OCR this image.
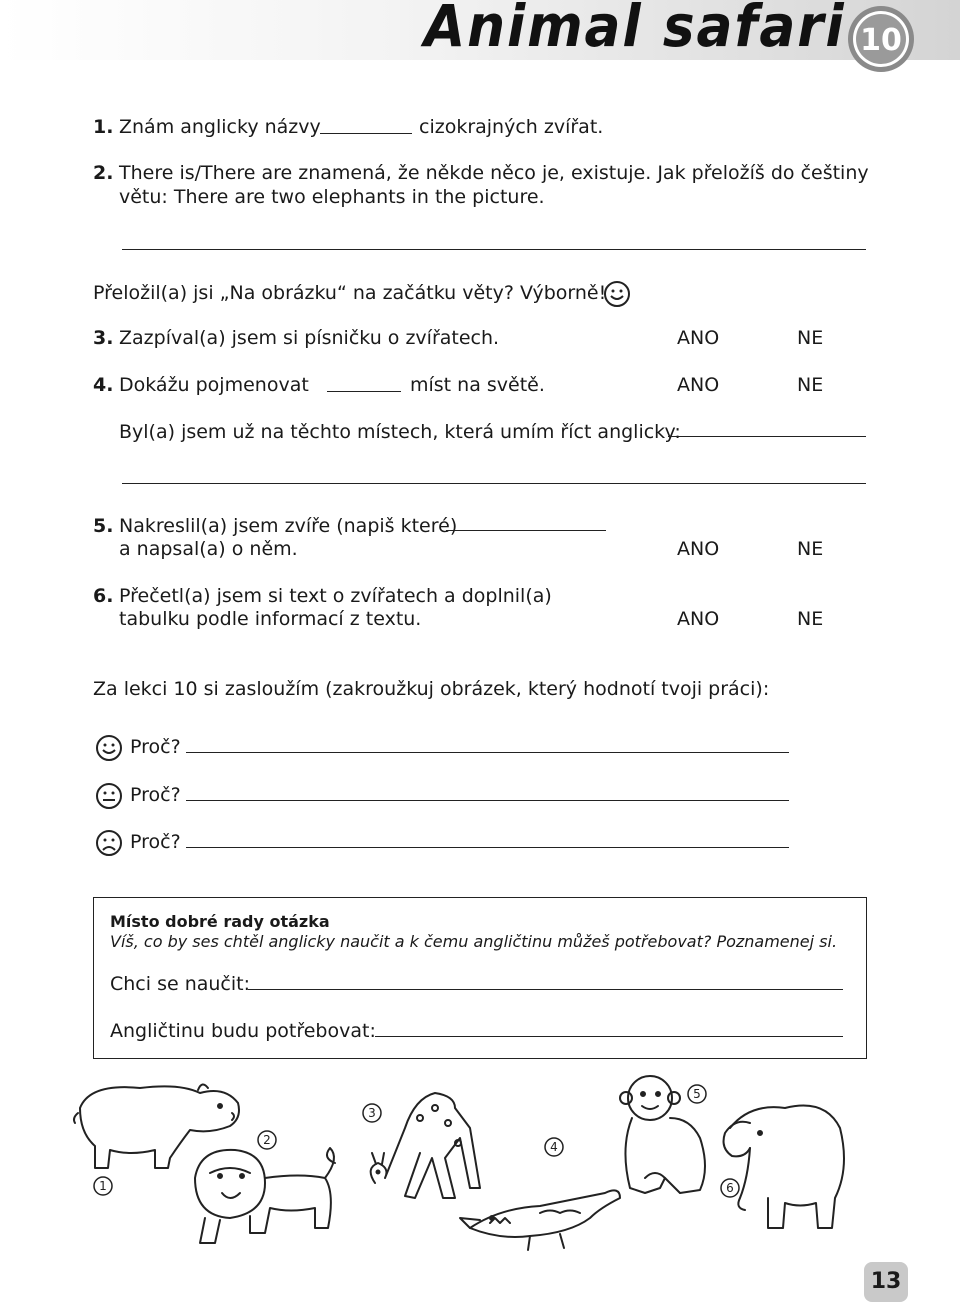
Animal safari 10
1. Znám anglicky názvy	cizokrajných zvířat.
2. There is/There are znamená, že někde něco je, existuje. Jak přeložíš do češtiny
větu: There are two elephants in the picture.
Přeložil(a) jsi „Na obrázku“ na začátku věty? Výborně!
3. Zazpíval(a) jsem si písničku o zvířatech.	ANO	NE
4. Dokážu pojmenovat	míst na světě.	ANO	NE
Byl(a) jsem už na těchto místech, která umím říct anglicky:
5. Nakreslil(a) jsem zvíře (napiš které)
a napsal(a) o něm.	ANO	NE
6. Přečetl(a) jsem si text o zvířatech a doplnil(a)
tabulku podle informací z textu.	ANO	NE
Za lekci 10 si zasloužím (zakroužkuj obrázek, který hodnotí tvoji práci):
Proč?
Proč?
Proč?
Místo dobré rady otázka
Víš, co by ses chtěl anglicky naučit a k čemu angličtinu můžeš potřebovat? Poznamenej si.
Chci se naučit:
Angličtinu budu potřebovat:
1
2
3
4
5
6
13
